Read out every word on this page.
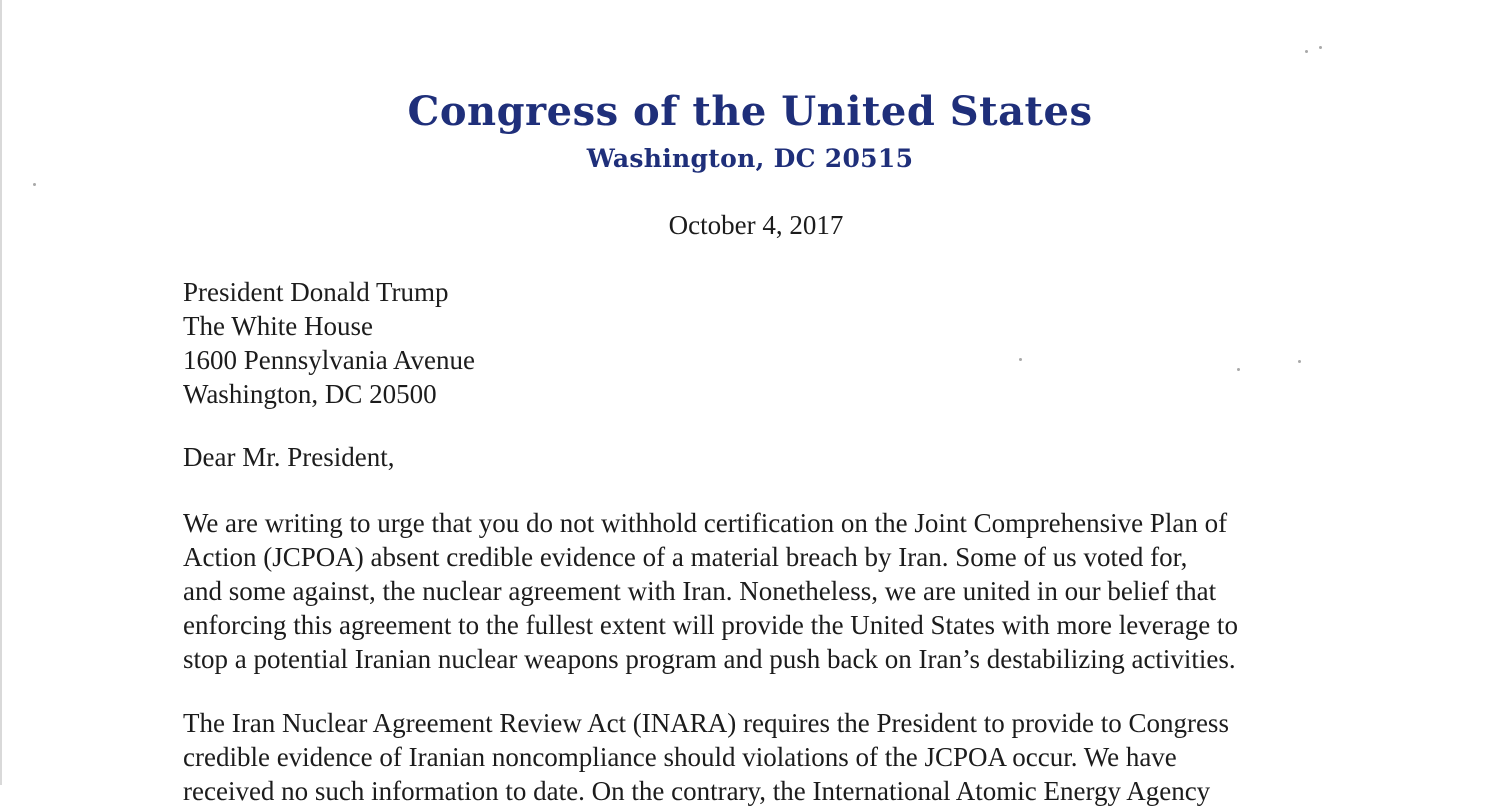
Congress of the United States
Washington, DC 20515
October 4, 2017
President Donald Trump
The White House
1600 Pennsylvania Avenue
Washington, DC 20500
Dear Mr. President,
We are writing to urge that you do not withhold certification on the Joint Comprehensive Plan of
Action (JCPOA) absent credible evidence of a material breach by Iran. Some of us voted for,
and some against, the nuclear agreement with Iran. Nonetheless, we are united in our belief that
enforcing this agreement to the fullest extent will provide the United States with more leverage to
stop a potential Iranian nuclear weapons program and push back on Iran’s destabilizing activities.
The Iran Nuclear Agreement Review Act (INARA) requires the President to provide to Congress
credible evidence of Iranian noncompliance should violations of the JCPOA occur. We have
received no such information to date. On the contrary, the International Atomic Energy Agency
